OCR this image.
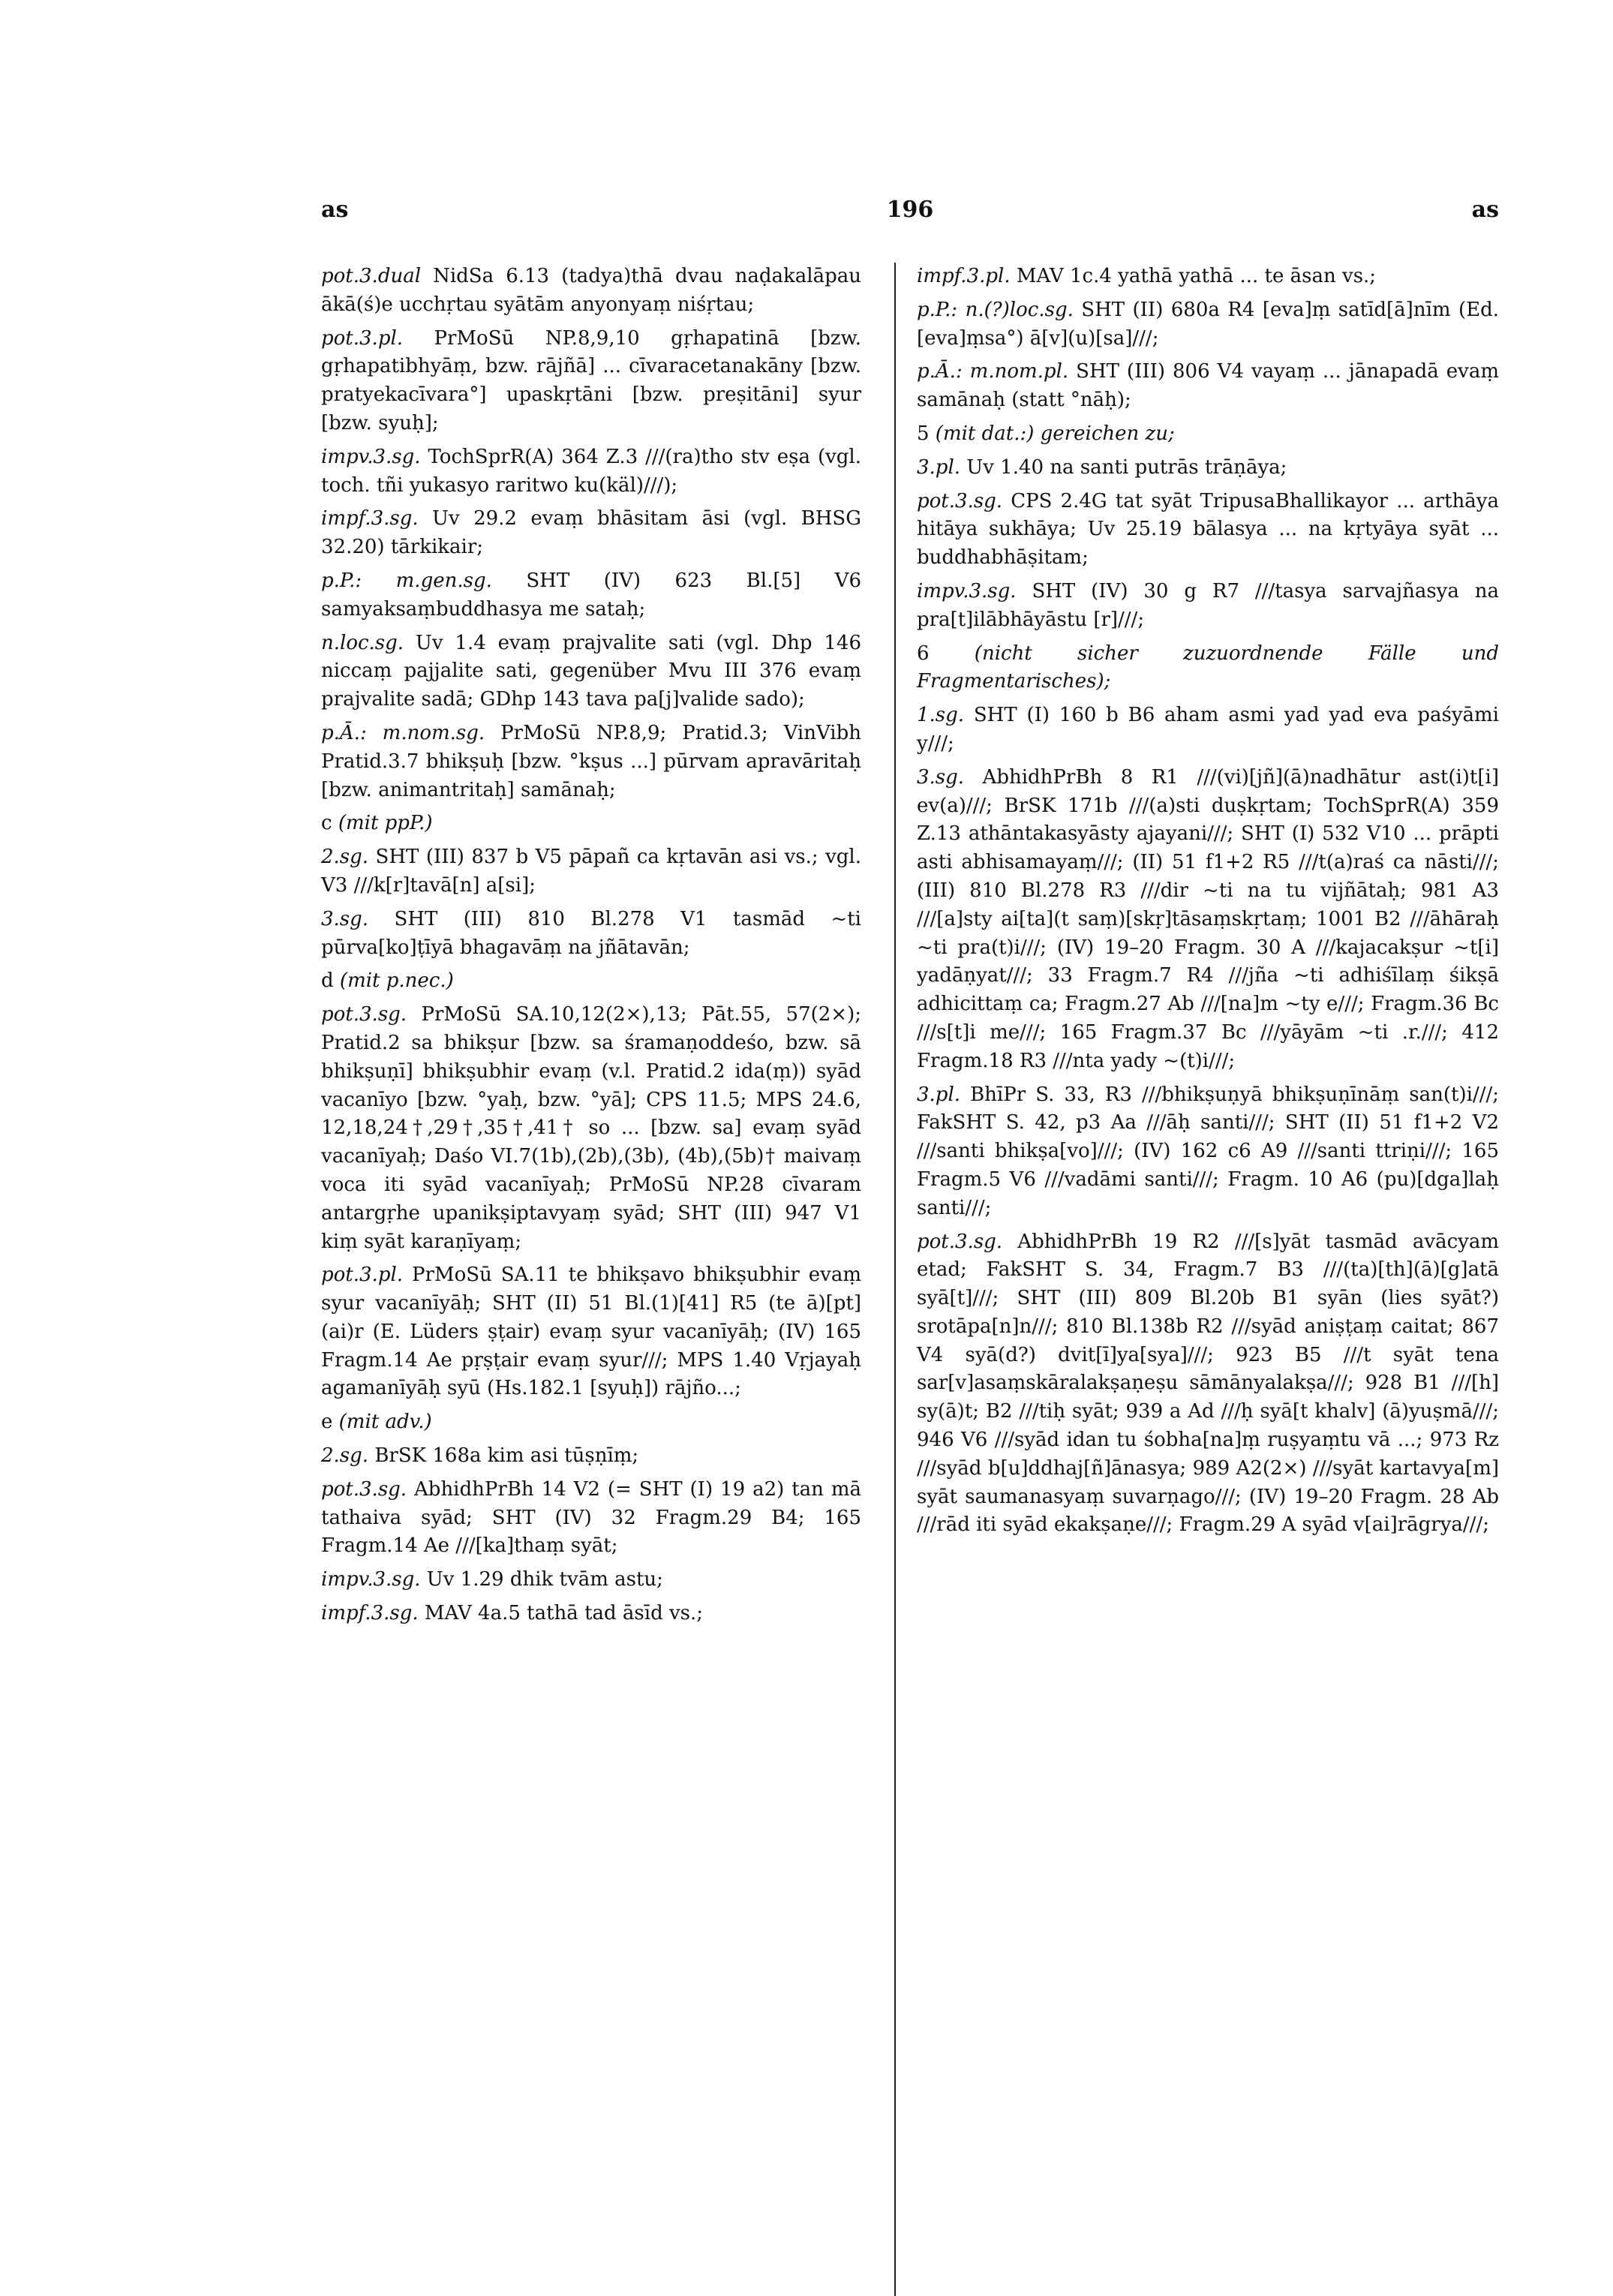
as	196	as

pot.3.dual NidSa 6.13 (tadya)thā dvau naḍakalāpau ākā(ś)e ucchṛtau syātām anyonyaṃ niśṛtau;

pot.3.pl. PrMoSū NP.8,9,10 gṛhapatinā [bzw. gṛhapatibhyāṃ, bzw. rājñā] ... cīvaracetanakāny [bzw. pratyekacīvara°] upaskṛtāni [bzw. preṣitāni] syur [bzw. syuḥ];

impv.3.sg. TochSprR(A) 364 Z.3 ///(ra)tho stv eṣa (vgl. toch. tñi yukasyo raritwo ku(käl)///);

impf.3.sg. Uv 29.2 evaṃ bhāsitam āsi (vgl. BHSG 32.20) tārkikair;

p.P.: m.gen.sg. SHT (IV) 623 Bl.[5] V6 samyaksaṃbuddhasya me sataḥ;

n.loc.sg. Uv 1.4 evaṃ prajvalite sati (vgl. Dhp 146 niccaṃ pajjalite sati, gegenüber Mvu III 376 evaṃ prajvalite sadā; GDhp 143 tava pa[j]valide sado);

p.Ā.: m.nom.sg. PrMoSū NP.8,9; Pratid.3; VinVibh Pratid.3.7 bhikṣuḥ [bzw. °kṣus ...] pūrvam apravāritaḥ [bzw. animantritaḥ] samānaḥ;

c (mit ppP.)

2.sg. SHT (III) 837 b V5 pāpañ ca kṛtavān asi vs.; vgl. V3 ///k[r]tavā[n] a[si];

3.sg. SHT (III) 810 Bl.278 V1 tasmād ~ti pūrva[ko]ṭīyā bhagavāṃ na jñātavān;

d (mit p.nec.)

pot.3.sg. PrMoSū SA.10,12(2×),13; Pāt.55, 57(2×); Pratid.2 sa bhikṣur [bzw. sa śramaṇoddeśo, bzw. sā bhikṣuṇī] bhikṣubhir evaṃ (v.l. Pratid.2 ida(ṃ)) syād vacanīyo [bzw. °yaḥ, bzw. °yā]; CPS 11.5; MPS 24.6, 12,18,24†,29†,35†,41† so ... [bzw. sa] evaṃ syād vacanīyaḥ; Daśo VI.7(1b),(2b),(3b), (4b),(5b)† maivaṃ voca iti syād vacanīyaḥ; PrMoSū NP.28 cīvaram antargṛhe upanikṣiptavyaṃ syād; SHT (III) 947 V1 kiṃ syāt karaṇīyaṃ;

pot.3.pl. PrMoSū SA.11 te bhikṣavo bhikṣubhir evaṃ syur vacanīyāḥ; SHT (II) 51 Bl.(1)[41] R5 (te ā)[pt](ai)r (E. Lüders ṣṭair) evaṃ syur vacanīyāḥ; (IV) 165 Fragm.14 Ae pṛṣṭair evaṃ syur///; MPS 1.40 Vṛjayaḥ agamanīyāḥ syū (Hs.182.1 [syuḥ]) rājño...;

e (mit adv.)

2.sg. BrSK 168a kim asi tūṣṇīṃ;

pot.3.sg. AbhidhPrBh 14 V2 (= SHT (I) 19 a2) tan mā tathaiva syād; SHT (IV) 32 Fragm.29 B4; 165 Fragm.14 Ae ///[ka]thaṃ syāt;

impv.3.sg. Uv 1.29 dhik tvām astu;

impf.3.sg. MAV 4a.5 tathā tad āsīd vs.;

impf.3.pl. MAV 1c.4 yathā yathā ... te āsan vs.;

p.P.: n.(?)loc.sg. SHT (II) 680a R4 [eva]ṃ satīd[ā]nīm (Ed. [eva]ṃsa°) ā[v](u)[sa]///;

p.Ā.: m.nom.pl. SHT (III) 806 V4 vayaṃ ... jānapadā evaṃ samānaḥ (statt °nāḥ);

5 (mit dat.:) gereichen zu;

3.pl. Uv 1.40 na santi putrās trāṇāya;

pot.3.sg. CPS 2.4G tat syāt TripusaBhallikayor ... arthāya hitāya sukhāya; Uv 25.19 bālasya ... na kṛtyāya syāt ... buddhabhāṣitam;

impv.3.sg. SHT (IV) 30 g R7 ///tasya sarvajñasya na pra[t]ilābhāyāstu [r]///;

6 (nicht sicher zuzuordnende Fälle und Fragmentarisches);

1.sg. SHT (I) 160 b B6 aham asmi yad yad eva paśyāmi y///;

3.sg. AbhidhPrBh 8 R1 ///(vi)[jñ](ā)nadhātur ast(i)t[i] ev(a)///; BrSK 171b ///(a)sti duṣkṛtam; TochSprR(A) 359 Z.13 athāntakasyāsty ajayani///; SHT (I) 532 V10 ... prāpti asti abhisamayaṃ///; (II) 51 f1+2 R5 ///t(a)raś ca nāsti///; (III) 810 Bl.278 R3 ///dir ~ti na tu vijñātaḥ; 981 A3 ///[a]sty ai[ta](t saṃ)[skṛ]tāsaṃskṛtaṃ; 1001 B2 ///āhāraḥ ~ti pra(t)i///; (IV) 19–20 Fragm. 30 A ///kajacakṣur ~t[i] yadāṇyat///; 33 Fragm.7 R4 ///jña ~ti adhiśīlaṃ śikṣā adhicittaṃ ca; Fragm.27 Ab ///[na]m ~ty e///; Fragm.36 Bc ///s[t]i me///; 165 Fragm.37 Bc ///yāyām ~ti .r.///; 412 Fragm.18 R3 ///nta yady ~(t)i///;

3.pl. BhīPr S. 33, R3 ///bhikṣuṇyā bhikṣuṇīnāṃ san(t)i///; FakSHT S. 42, p3 Aa ///āḥ santi///; SHT (II) 51 f1+2 V2 ///santi bhikṣa[vo]///; (IV) 162 c6 A9 ///santi ttriṇi///; 165 Fragm.5 V6 ///vadāmi santi///; Fragm. 10 A6 (pu)[dga]laḥ santi///;

pot.3.sg. AbhidhPrBh 19 R2 ///[s]yāt tasmād avācyam etad; FakSHT S. 34, Fragm.7 B3 ///(ta)[th](ā)[g]atā syā[t]///; SHT (III) 809 Bl.20b B1 syān (lies syāt?) srotāpa[n]n///; 810 Bl.138b R2 ///syād aniṣṭaṃ caitat; 867 V4 syā(d?) dvit[ī]ya[sya]///; 923 B5 ///t syāt tena sar[v]asaṃskāralakṣaṇeṣu sāmānyalakṣa///; 928 B1 ///[h] sy(ā)t; B2 ///tiḥ syāt; 939 a Ad ///ḥ syā[t khalv] (ā)yuṣmā///; 946 V6 ///syād idan tu śobha[na]ṃ ruṣyaṃtu vā ...; 973 Rz ///syād b[u]ddhaj[ñ]ānasya; 989 A2(2×) ///syāt kartavya[m] syāt saumanasyaṃ suvarṇago///; (IV) 19–20 Fragm. 28 Ab ///rād iti syād ekakṣaṇe///; Fragm.29 A syād v[ai]rāgrya///;
